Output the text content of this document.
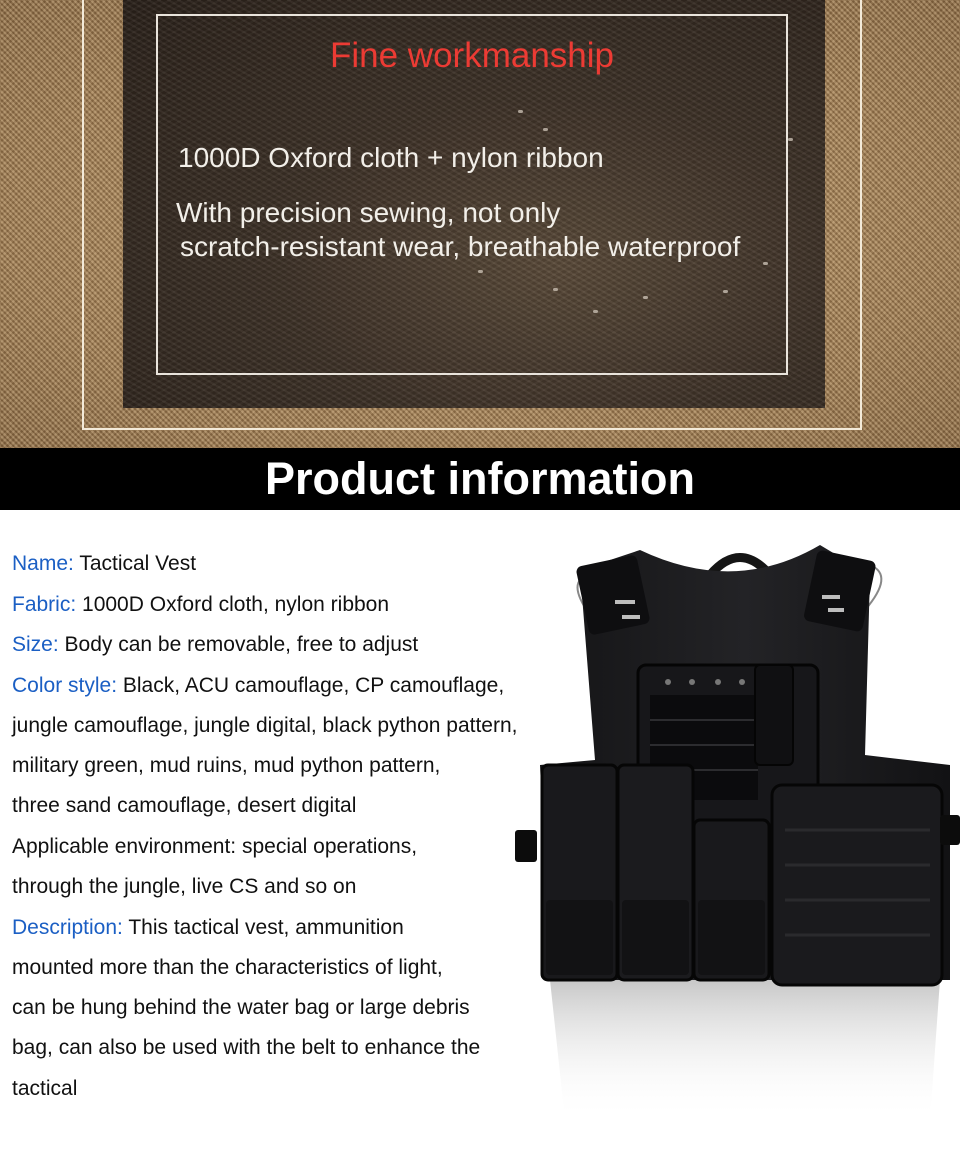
Fine workmanship
1000D Oxford cloth + nylon ribbon
With precision sewing, not only
scratch-resistant wear, breathable waterproof
Product information
Name: Tactical Vest
Fabric: 1000D Oxford cloth, nylon ribbon
Size: Body can be removable, free to adjust
Color style: Black, ACU camouflage, CP camouflage,
jungle camouflage, jungle digital, black python pattern,
military green, mud ruins, mud python pattern,
three sand camouflage, desert digital
Applicable environment: special operations,
through the jungle, live CS and so on
Description: This tactical vest, ammunition
mounted more than the characteristics of light,
can be hung behind the water bag or large debris
bag, can also be used with the belt to enhance the
tactical
